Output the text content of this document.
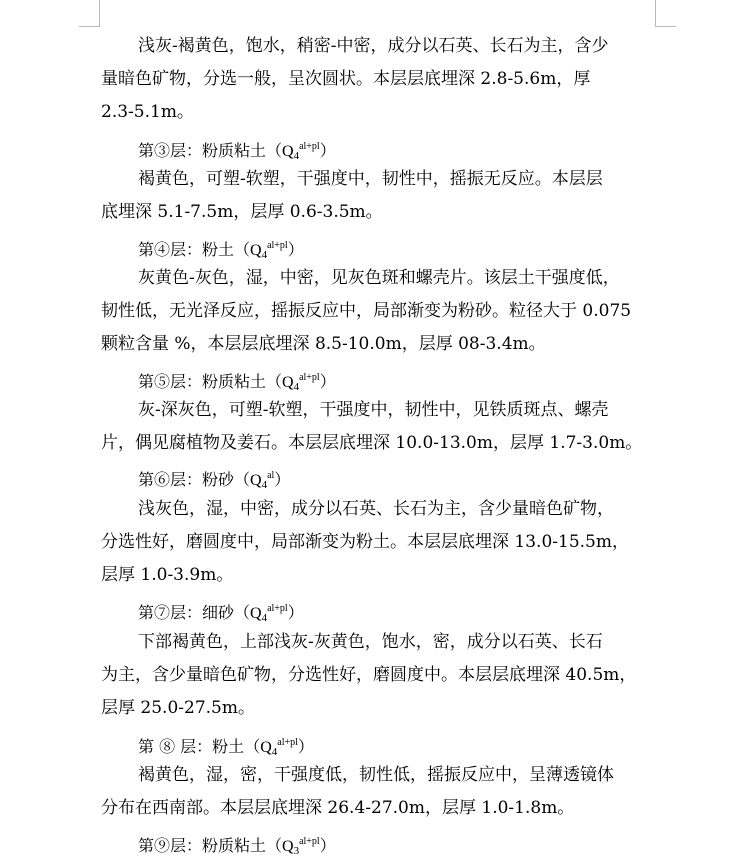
浅灰-褐黄色，饱水，稍密-中密，成分以石英、长石为主，含少
量暗色矿物，分选一般，呈次圆状。本层层底埋深 2.8-5.6m，厚
2.3-5.1m。
第③层：粉质粘土$(Q_4^{al+pl})$
褐黄色，可塑-软塑，干强度中，韧性中，摇振无反应。本层层
底埋深 5.1-7.5m，层厚 0.6-3.5m。
第④层：粉土$(Q_4^{al+pl})$
灰黄色-灰色，湿，中密，见灰色斑和螺壳片。该层土干强度低，
韧性低，无光泽反应，摇振反应中，局部渐变为粉砂。粒径大于 0.075
颗粒含量 %，本层层底埋深 8.5-10.0m，层厚 08-3.4m。
第⑤层：粉质粘土$(Q_4^{al+pl})$
灰-深灰色，可塑-软塑，干强度中，韧性中，见铁质斑点、螺壳
片，偶见腐植物及姜石。本层层底埋深 10.0-13.0m，层厚 1.7-3.0m。
第⑥层：粉砂$(Q_4^{al})$
浅灰色，湿，中密，成分以石英、长石为主，含少量暗色矿物，
分选性好，磨圆度中，局部渐变为粉土。本层层底埋深 13.0-15.5m，
层厚 1.0-3.9m。
第⑦层：细砂$(Q_4^{al+pl})$
下部褐黄色，上部浅灰-灰黄色，饱水，密，成分以石英、长石
为主，含少量暗色矿物，分选性好，磨圆度中。本层层底埋深 40.5m，
层厚 25.0-27.5m。
第 ⑧ 层：粉土$(Q_4^{al+pl})$
褐黄色，湿，密，干强度低，韧性低，摇振反应中，呈薄透镜体
分布在西南部。本层层底埋深 26.4-27.0m，层厚 1.0-1.8m。
第⑨层：粉质粘土$(Q_3^{al+pl})$
